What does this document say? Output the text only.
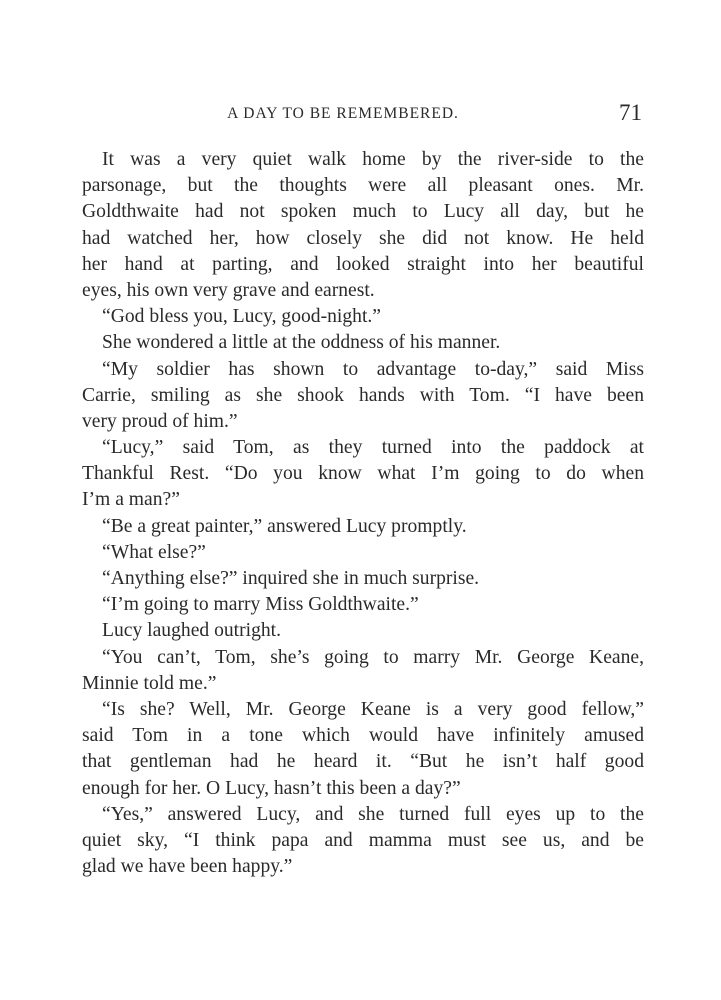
A DAY TO BE REMEMBERED.	71
It was a very quiet walk home by the river-side to the
parsonage, but the thoughts were all pleasant ones. Mr.
Goldthwaite had not spoken much to Lucy all day, but he
had watched her, how closely she did not know. He held
her hand at parting, and looked straight into her beautiful
eyes, his own very grave and earnest.
“God bless you, Lucy, good-night.”
She wondered a little at the oddness of his manner.
“My soldier has shown to advantage to-day,” said Miss
Carrie, smiling as she shook hands with Tom. “I have been
very proud of him.”
“Lucy,” said Tom, as they turned into the paddock at
Thankful Rest. “Do you know what I’m going to do when
I’m a man?”
“Be a great painter,” answered Lucy promptly.
“What else?”
“Anything else?” inquired she in much surprise.
“I’m going to marry Miss Goldthwaite.”
Lucy laughed outright.
“You can’t, Tom, she’s going to marry Mr. George Keane,
Minnie told me.”
“Is she? Well, Mr. George Keane is a very good fellow,”
said Tom in a tone which would have infinitely amused
that gentleman had he heard it. “But he isn’t half good
enough for her. O Lucy, hasn’t this been a day?”
“Yes,” answered Lucy, and she turned full eyes up to the
quiet sky, “I think papa and mamma must see us, and be
glad we have been happy.”
